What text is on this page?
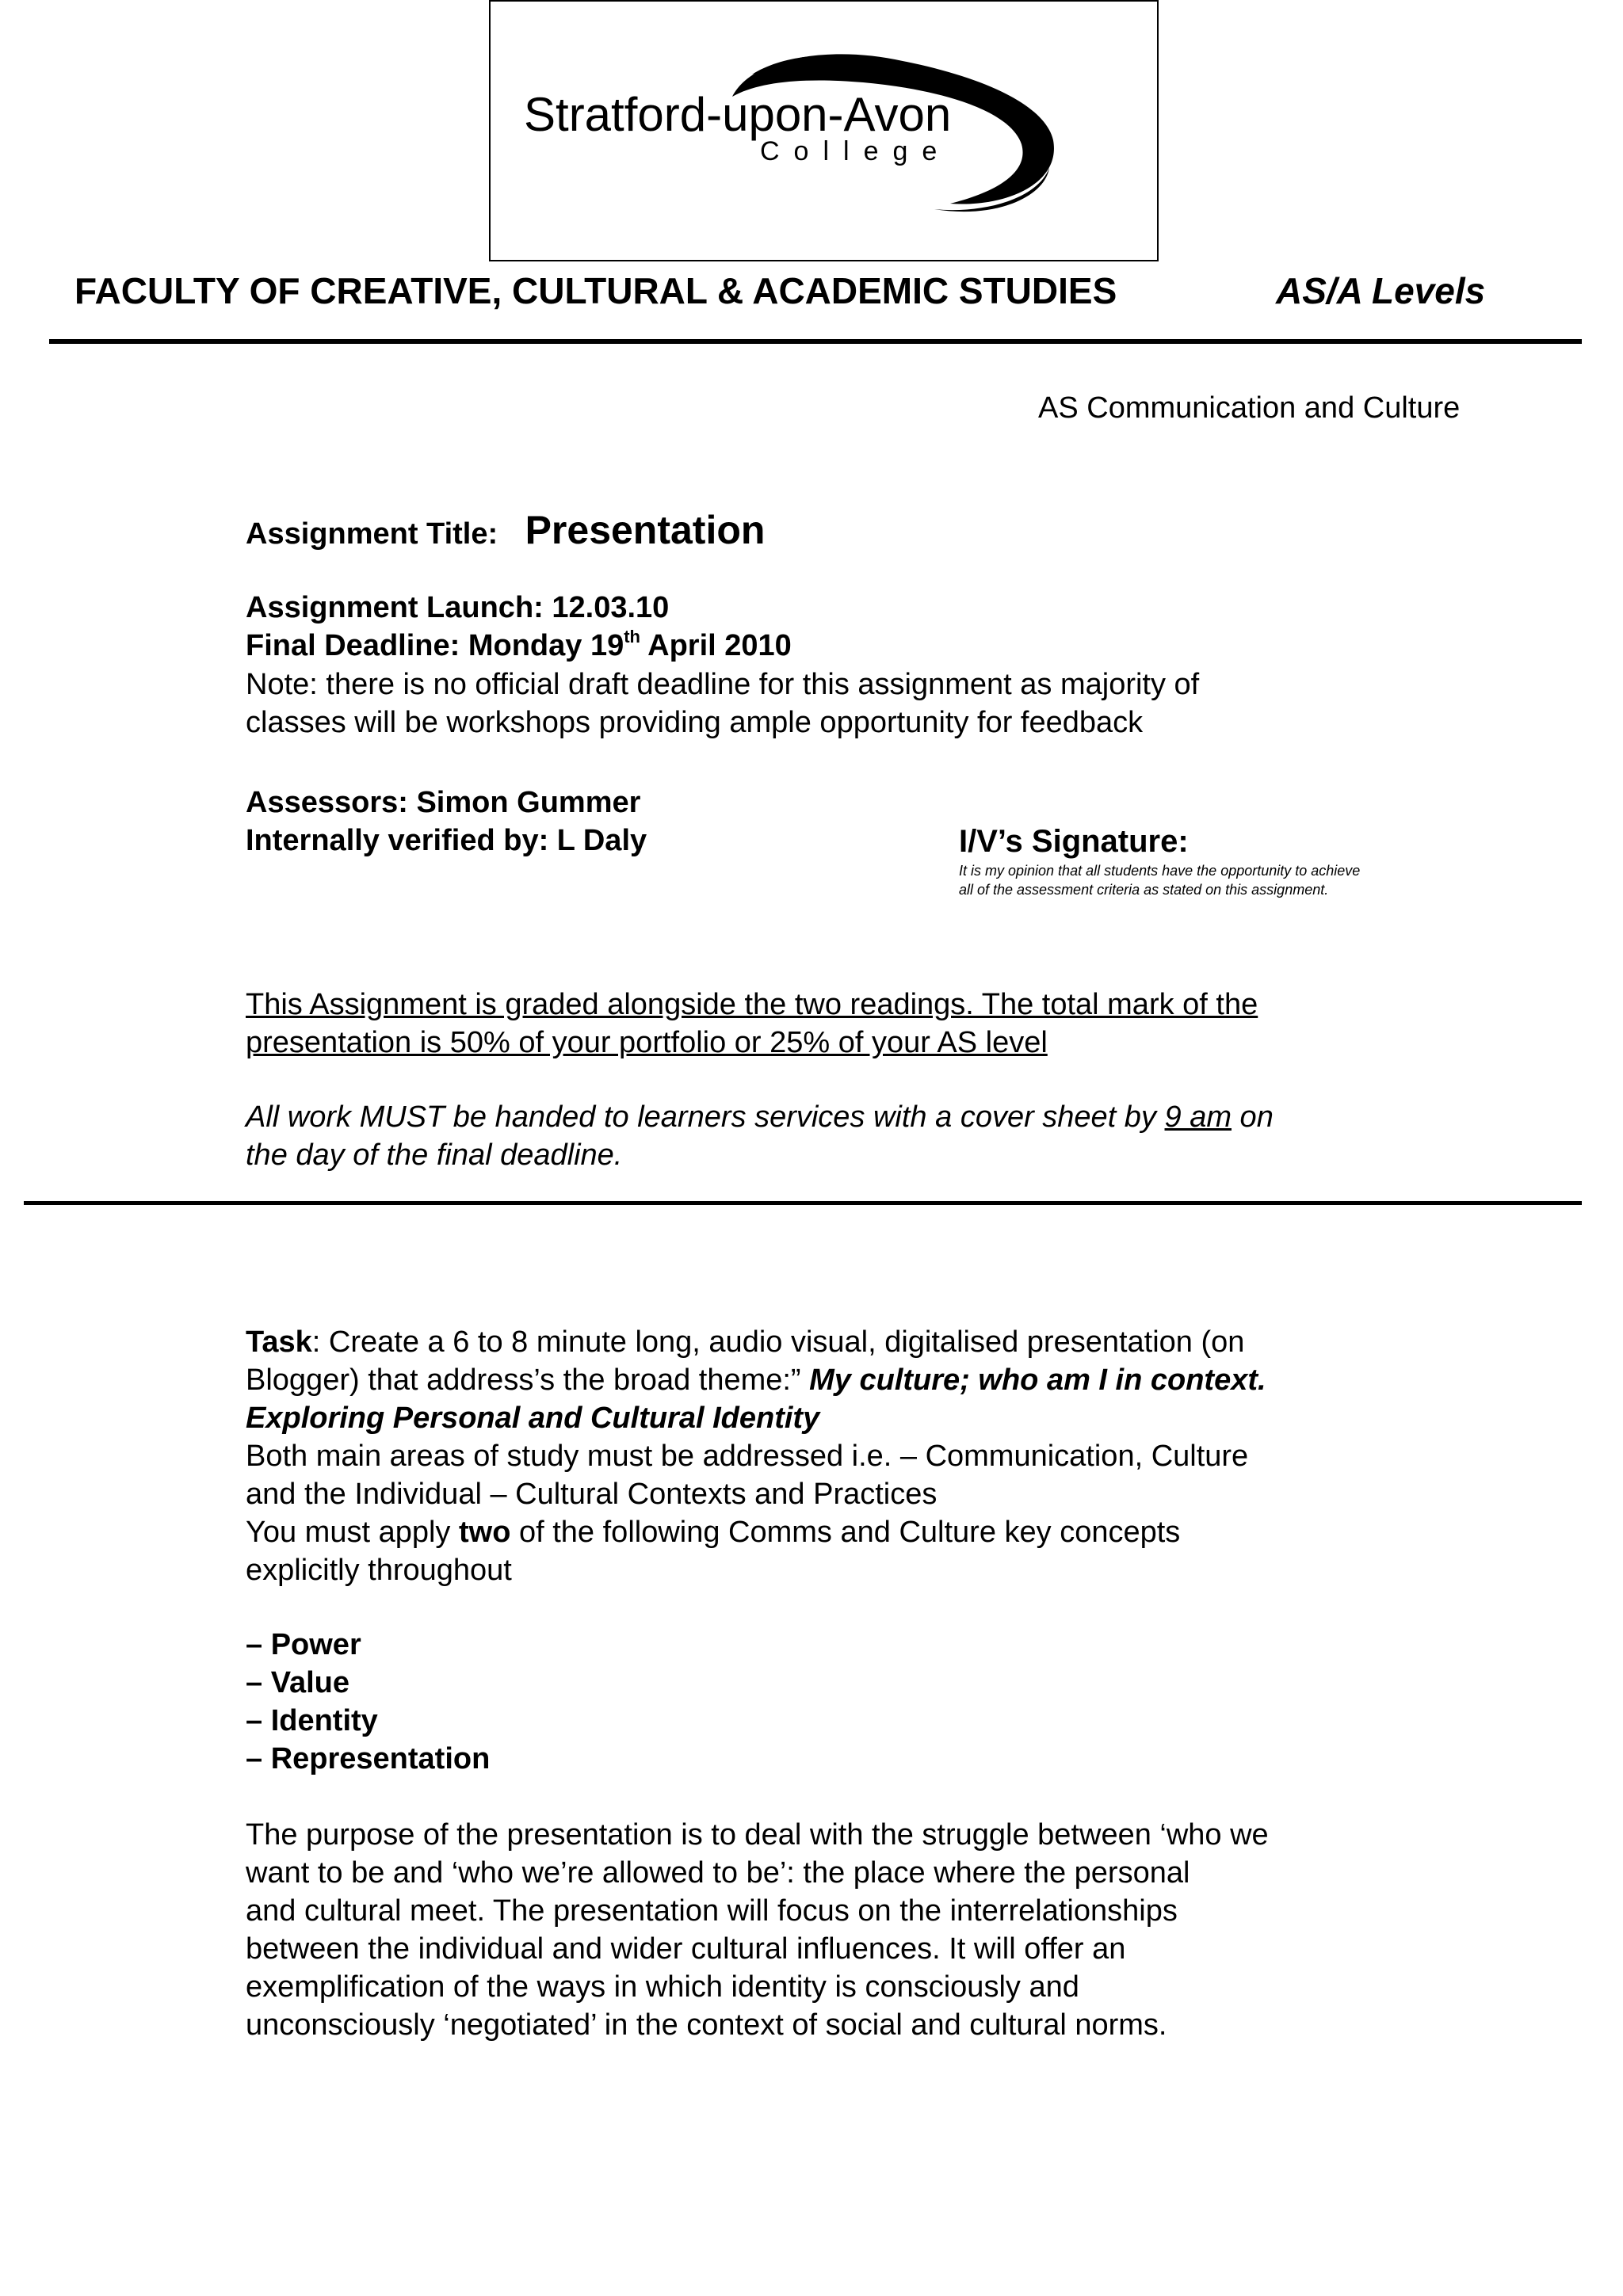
Stratford-upon-Avon
College
FACULTY OF CREATIVE, CULTURAL & ACADEMIC STUDIES	AS/A Levels
AS Communication and Culture
Assignment Title: Presentation
Assignment Launch: 12.03.10
Final Deadline: Monday 19th April 2010
Note: there is no official draft deadline for this assignment as majority of
classes will be workshops providing ample opportunity for feedback
Assessors: Simon Gummer
Internally verified by: L Daly	I/V’s Signature:
It is my opinion that all students have the opportunity to achieve
all of the assessment criteria as stated on this assignment.
This Assignment is graded alongside the two readings. The total mark of the
presentation is 50% of your portfolio or 25% of your AS level
All work MUST be handed to learners services with a cover sheet by 9 am on
the day of the final deadline.
Task: Create a 6 to 8 minute long, audio visual, digitalised presentation (on
Blogger) that address’s the broad theme:” My culture; who am I in context.
Exploring Personal and Cultural Identity
Both main areas of study must be addressed i.e. – Communication, Culture
and the Individual – Cultural Contexts and Practices
You must apply two of the following Comms and Culture key concepts
explicitly throughout
– Power
– Value
– Identity
– Representation
The purpose of the presentation is to deal with the struggle between ‘who we
want to be and ‘who we’re allowed to be’: the place where the personal
and cultural meet. The presentation will focus on the interrelationships
between the individual and wider cultural influences. It will offer an
exemplification of the ways in which identity is consciously and
unconsciously ‘negotiated’ in the context of social and cultural norms.
